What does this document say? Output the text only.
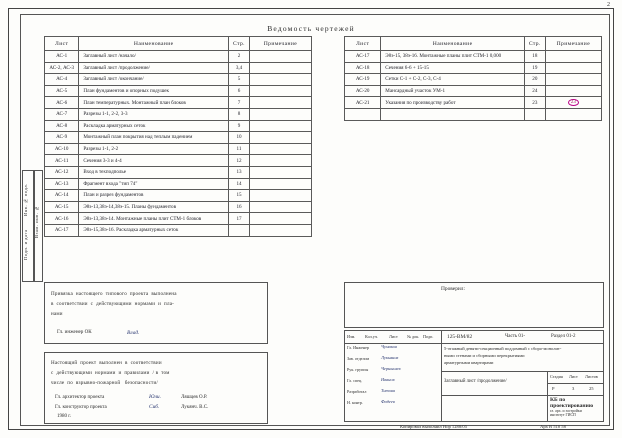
2
Ведомость чертежей
Инв. № подл.
Подп. и дата
Взам. инв. №
Лист	Наименование	Стр.	Примечание
АС-1	Заглавный лист /начало/	2	
АС-2, АС-3	Заглавный лист /продолжение/	3,4	
АС-4	Заглавный лист /окончание/	5	
АС-5	План фундаментов и опорных подушек	6	
АС-6	План температурных. Монтажный план блоков	7	
АС-7	Разрезы 1-1, 2-2, 3-3	8	
АС-8	Раскладка арматурных сеток	9	
АС-9	Монтажный план покрытия над теплым падением	10	
АС-10	Разрезы 1-1, 2-2	11	
АС-11	Сечения 3-3 и 4-4	12	
АС-12	Вход в техподполье	13	
АС-13	Фрагмент входа "тип 74"	14	
АС-14	План и разрез фундаментов	15	
АС-15	Э8э-13,38э-14,38э-15. Планы фундаментов	16	
АС-16	Э8э-13,38э-14. Монтажные планы плит СТМ-1 блоков	17	
АС-17	Э8э-15,38э-16. Раскладка арматурных сеток		
Лист	Наименование	Стр.	Примечание
АС-17	Э8э-15, 38э-16. Монтажные планы плит СТМ-1 0,000	18	
АС-18	Сечения 6-6 + 15-15	19	
АС-19	Сетки С-1 + С-2, С-3, С-4	20	
АС-20	Мансардный участок УМ-1	24	
АС-21	Указания по производству работ	23	23

Привязка  настоящего  типового  проекта  выполнена
в  соответствии  с  действующими  нормами  и  пла-
нами
Гл. инженер ОК	Влад.
Настоящий  проект  выполнен  в  соответствии
с  действующими  нормами  и  правилами  / в  том
числе  по  взрывно-пожарной   безопасности/
Гл. архитектор проекта	Юли.	Ляшцев О.Р.
Гл. конструктор проекта	Сиб.	Лукянч. В.С.
1980 г.
Проверил:
Изм. Кол.уч.	Лист № док. Подп.
Гл. Инженер	Чумаков
Зав. отделом	Лукьянов
Рук. группы	Чернышев
Гл. спец.	Иванов
Разработал	Титова
Н. контр.	Фадеев
125-ВМ/82	Часть 01-	Раздел 01-2
5-этажный девяти-секционный поддомный с сборо-монолит-
ными стенами и сборными перекрытиями
арматурными квартирами
Заглавный лист /продолжение/
Стадия Лист Листов
Р	3	25
КБ по проектированию
гл. арх. и застройки
институт ГИСП
Копировал выполнил Нор 1288/05	Арх В 510 58
